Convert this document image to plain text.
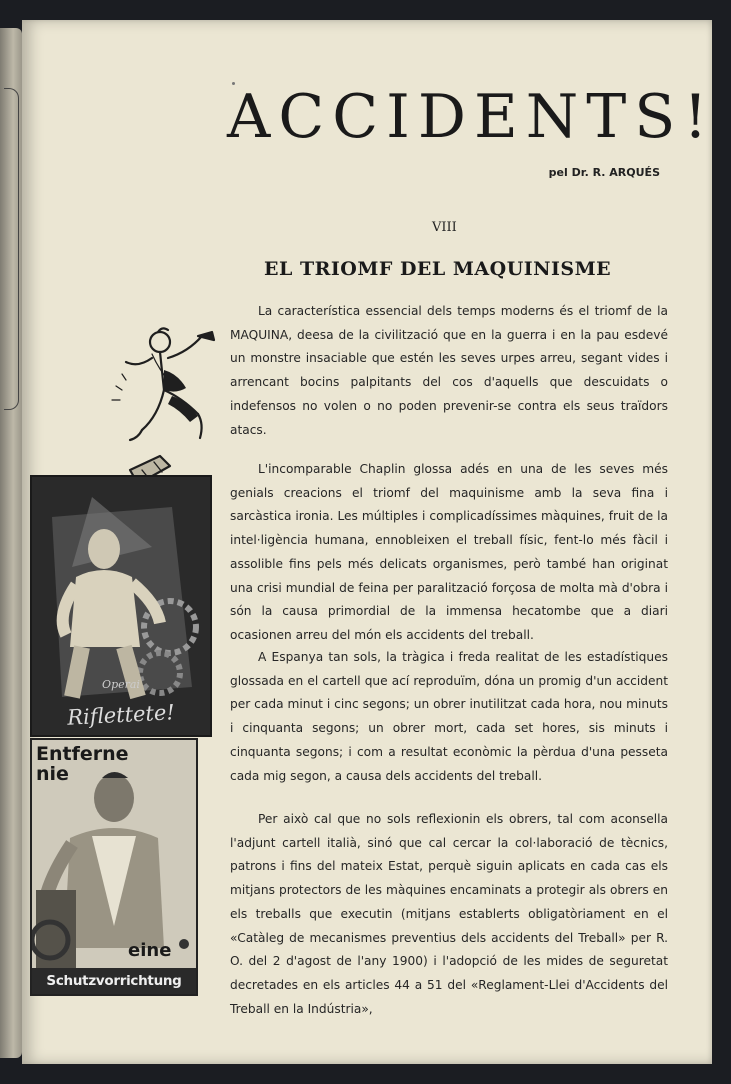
ACCIDENTS!
pel Dr. R. ARQUÉS
VIII
EL TRIOMF DEL MAQUINISME
Operai
Riflettete!
Entferne
nie
eine
Schutzvorrichtung

La característica essencial dels temps moderns és el triomf de la MAQUINA, deesa de la civilització que en la guerra i en la pau esdevé un monstre insaciable que estén les seves urpes arreu, segant vides i arrencant bocins palpitants del cos d'aquells que descuidats o indefensos no volen o no poden prevenir-se contra els seus traïdors atacs.

L'incomparable Chaplin glossa adés en una de les seves més genials creacions el triomf del maquinisme amb la seva fina i sarcàstica ironia. Les múltiples i complicadíssimes màquines, fruit de la intel·ligència humana, ennobleixen el treball físic, fent-lo més fàcil i assolible fins pels més delicats organismes, però també han originat una crisi mundial de feina per paralització forçosa de molta mà d'obra i són la causa primordial de la immensa hecatombe que a diari ocasionen arreu del món els accidents del treball.

A Espanya tan sols, la tràgica i freda realitat de les estadístiques glossada en el cartell que ací reproduïm, dóna un promig d'un accident per cada minut i cinc segons; un obrer inutilitzat cada hora, nou minuts i cinquanta segons; un obrer mort, cada set hores, sis minuts i cinquanta segons; i com a resultat econòmic la pèrdua d'una pesseta cada mig segon, a causa dels accidents del treball.

Per això cal que no sols reflexionin els obrers, tal com aconsella l'adjunt cartell italià, sinó que cal cercar la col·laboració de tècnics, patrons i fins del mateix Estat, perquè siguin aplicats en cada cas els mitjans protectors de les màquines encaminats a protegir als obrers en els treballs que executin (mitjans establerts obligatòriament en el «Catàleg de mecanismes preventius dels accidents del Treball» per R. O. del 2 d'agost de l'any 1900) i l'adopció de les mides de seguretat decretades en els articles 44 a 51 del «Reglament-Llei d'Accidents del Treball en la Indústria»,
